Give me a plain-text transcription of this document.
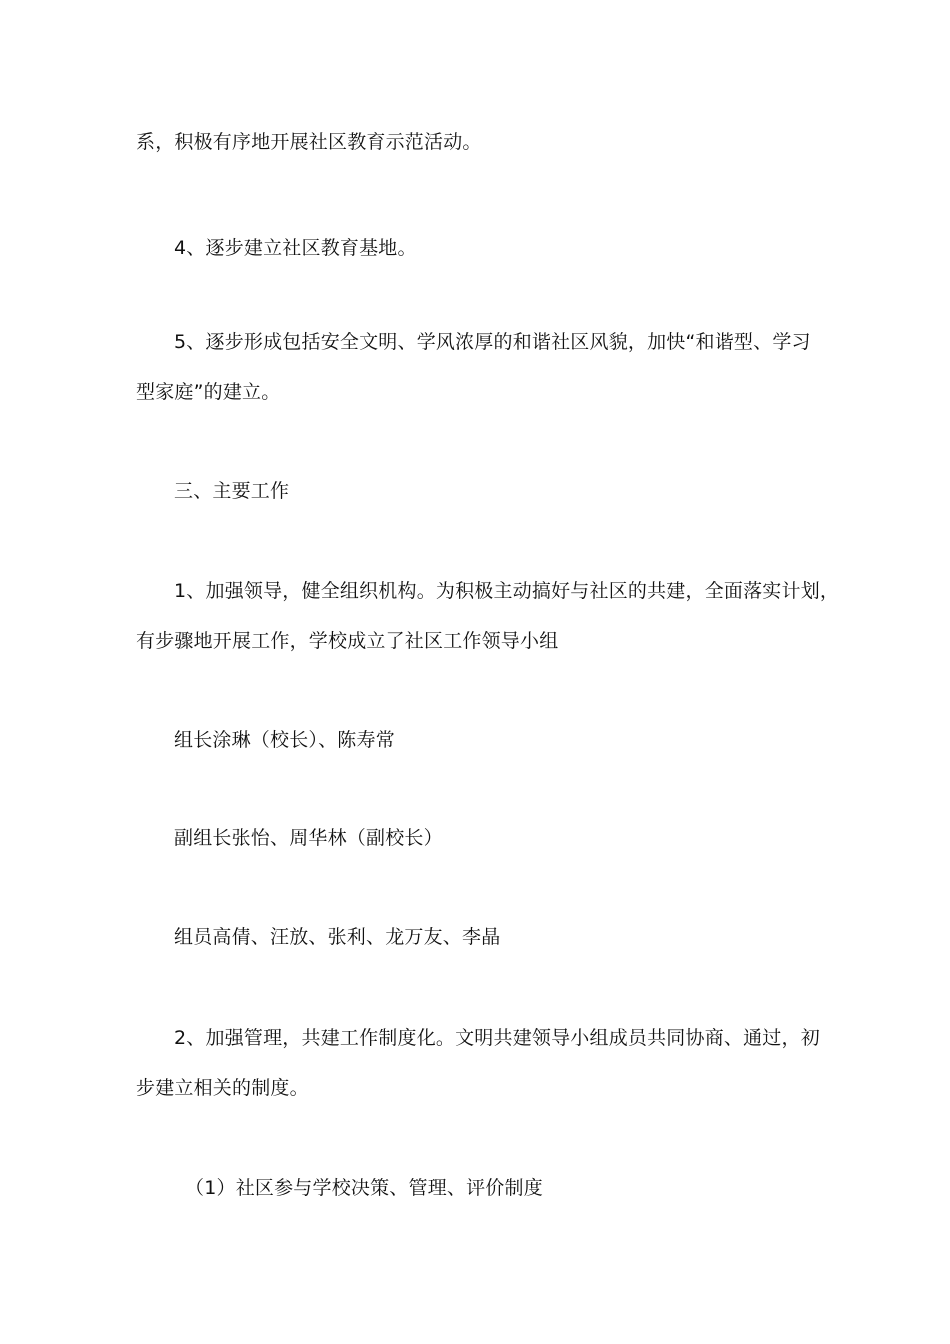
系，积极有序地开展社区教育示范活动。
4、逐步建立社区教育基地。
5、逐步形成包括安全文明、学风浓厚的和谐社区风貌，加快“和谐型、学习
型家庭”的建立。
三、主要工作
1、加强领导，健全组织机构。为积极主动搞好与社区的共建，全面落实计划，
有步骤地开展工作，学校成立了社区工作领导小组
组长涂琳（校长）、陈寿常
副组长张怡、周华林（副校长）
组员高倩、汪放、张利、龙万友、李晶
2、加强管理，共建工作制度化。文明共建领导小组成员共同协商、通过，初
步建立相关的制度。
（1）社区参与学校决策、管理、评价制度
